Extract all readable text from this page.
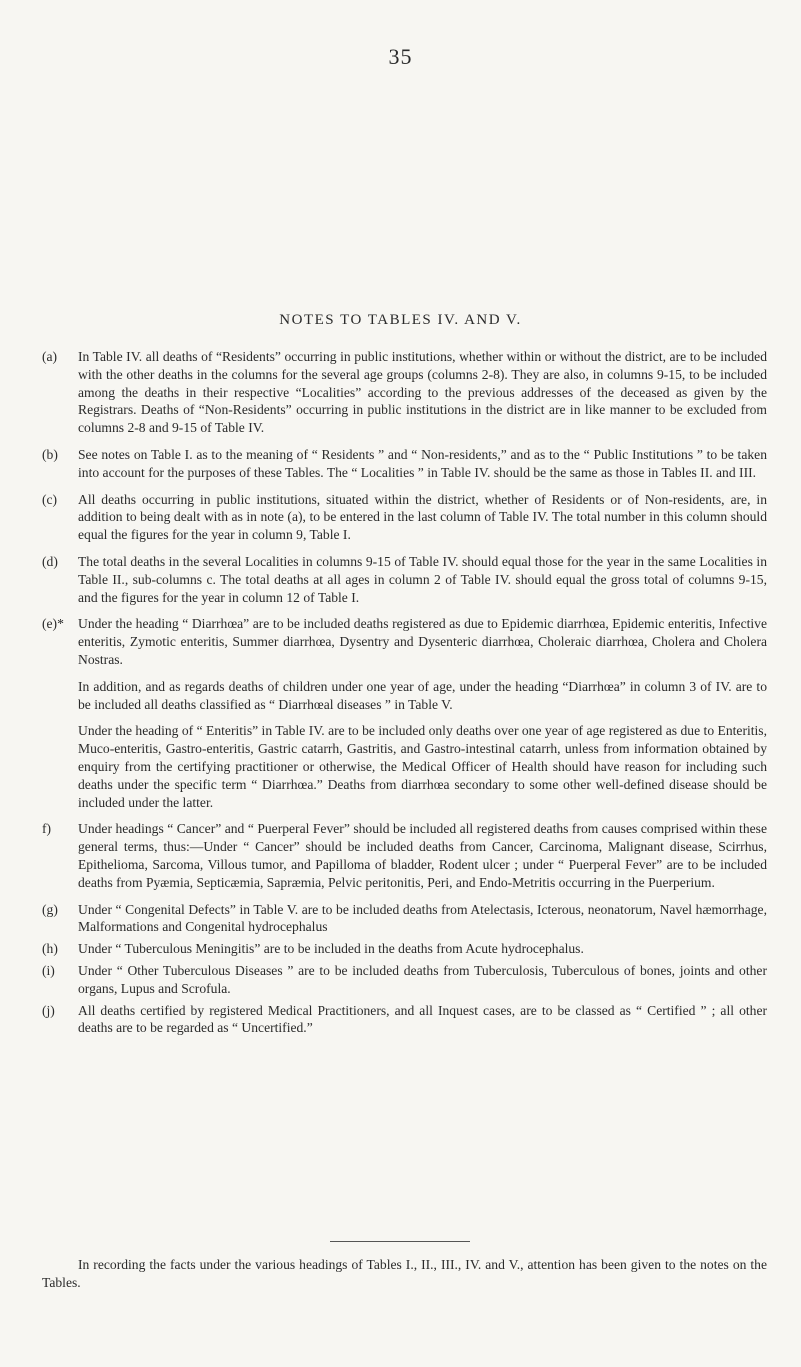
35
NOTES TO TABLES IV. AND V.
(a)	In Table IV. all deaths of “Residents” occurring in public institutions, whether within or without the district, are to be included with the other deaths in the columns for the several age groups (columns 2-8). They are also, in columns 9-15, to be included among the deaths in their respective “Localities” according to the previous addresses of the deceased as given by the Registrars. Deaths of “Non-Residents” occurring in public institutions in the district are in like manner to be excluded from columns 2-8 and 9-15 of Table IV.

(b)	See notes on Table I. as to the meaning of “ Residents ” and “ Non-residents,” and as to the “ Public Institutions ” to be taken into account for the purposes of these Tables. The “ Localities ” in Table IV. should be the same as those in Tables II. and III.

(c)	All deaths occurring in public institutions, situated within the district, whether of Residents or of Non-residents, are, in addition to being dealt with as in note (a), to be entered in the last column of Table IV. The total number in this column should equal the figures for the year in column 9, Table I.

(d)	The total deaths in the several Localities in columns 9-15 of Table IV. should equal those for the year in the same Localities in Table II., sub-columns c. The total deaths at all ages in column 2 of Table IV. should equal the gross total of columns 9-15, and the figures for the year in column 12 of Table I.

(e)*	Under the heading “ Diarrhœa” are to be included deaths registered as due to Epidemic diarrhœa, Epidemic enteritis, Infective enteritis, Zymotic enteritis, Summer diarrhœa, Dysentry and Dysenteric diarrhœa, Choleraic diarrhœa, Cholera and Cholera Nostras.

In addition, and as regards deaths of children under one year of age, under the heading “Diarrhœa” in column 3 of IV. are to be included all deaths classified as “ Diarrhœal diseases ” in Table V.

Under the heading of “ Enteritis” in Table IV. are to be included only deaths over one year of age registered as due to Enteritis, Muco-enteritis, Gastro-enteritis, Gastric catarrh, Gastritis, and Gastro-intestinal catarrh, unless from information obtained by enquiry from the certifying practitioner or otherwise, the Medical Officer of Health should have reason for including such deaths under the specific term “ Diarrhœa.” Deaths from diarrhœa secondary to some other well-defined disease should be included under the latter.

f)	Under headings “ Cancer” and “ Puerperal Fever” should be included all registered deaths from causes comprised within these general terms, thus:—Under “ Cancer” should be included deaths from Cancer, Carcinoma, Malignant disease, Scirrhus, Epithelioma, Sarcoma, Villous tumor, and Papilloma of bladder, Rodent ulcer ; under “ Puerperal Fever” are to be included deaths from Pyæmia, Septicæmia, Sapræmia, Pelvic peritonitis, Peri, and Endo-Metritis occurring in the Puerperium.

(g)	Under “ Congenital Defects” in Table V. are to be included deaths from Atelectasis, Icterous, neonatorum, Navel hæmorrhage, Malformations and Congenital hydrocephalus

(h)	Under “ Tuberculous Meningitis” are to be included in the deaths from Acute hydrocephalus.

(i)	Under “ Other Tuberculous Diseases ” are to be included deaths from Tuberculosis, Tuberculous of bones, joints and other organs, Lupus and Scrofula.

(j)	All deaths certified by registered Medical Practitioners, and all Inquest cases, are to be classed as “ Certified ” ; all other deaths are to be regarded as “ Uncertified.”

In recording the facts under the various headings of Tables I., II., III., IV. and V., attention has been given to the notes on the Tables.
